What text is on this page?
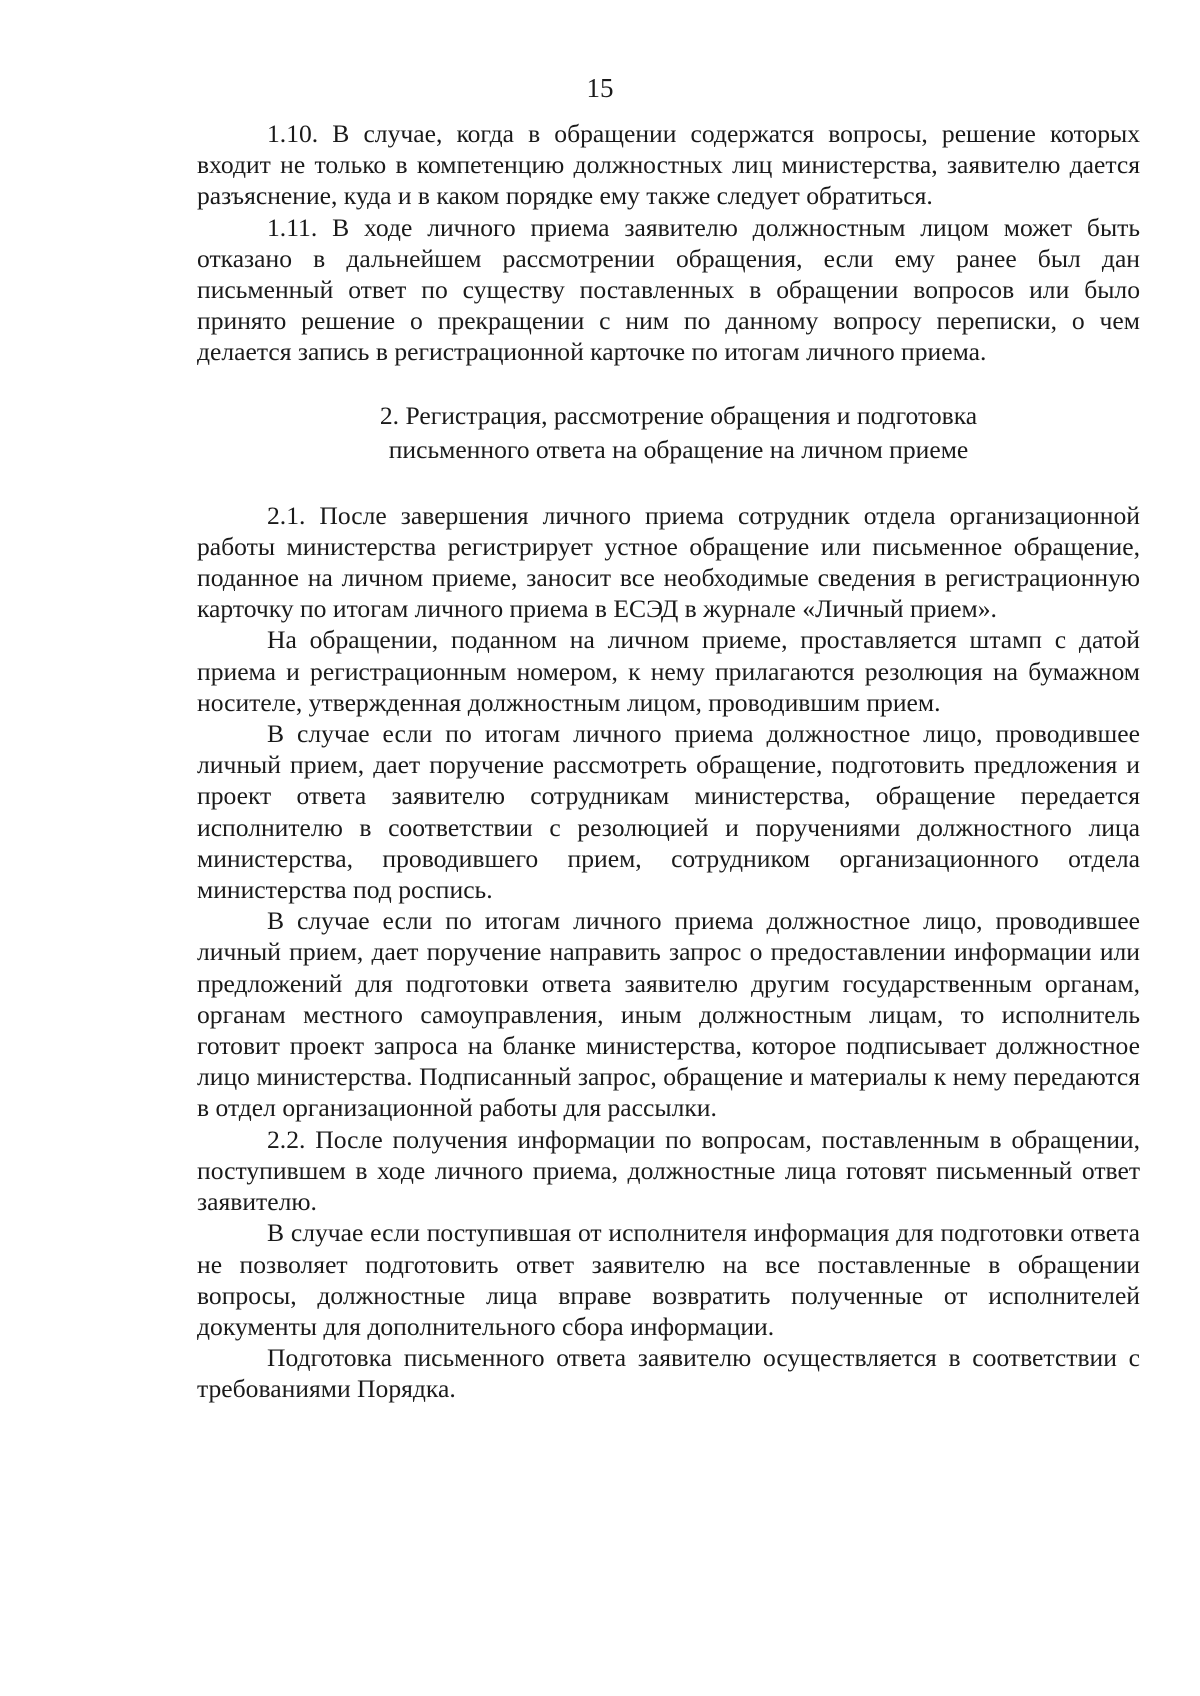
15

1.10. В случае, когда в обращении содержатся вопросы, решение которых входит не только в компетенцию должностных лиц министерства, заявителю дается разъяснение, куда и в каком порядке ему также следует обратиться.

1.11. В ходе личного приема заявителю должностным лицом может быть отказано в дальнейшем рассмотрении обращения, если ему ранее был дан письменный ответ по существу поставленных в обращении вопросов или было принято решение о прекращении с ним по данному вопросу переписки, о чем делается запись в регистрационной карточке по итогам личного приема.

2. Регистрация, рассмотрение обращения и подготовка
письменного ответа на обращение на личном приеме

2.1. После завершения личного приема сотрудник отдела организационной работы министерства регистрирует устное обращение или письменное обращение, поданное на личном приеме, заносит все необходимые сведения в регистрационную карточку по итогам личного приема в ЕСЭД в журнале «Личный прием».

На обращении, поданном на личном приеме, проставляется штамп с датой приема и регистрационным номером, к нему прилагаются резолюция на бумажном носителе, утвержденная должностным лицом, проводившим прием.

В случае если по итогам личного приема должностное лицо, проводившее личный прием, дает поручение рассмотреть обращение, подготовить предложения и проект ответа заявителю сотрудникам министерства, обращение передается исполнителю в соответствии с резолюцией и поручениями должностного лица министерства, проводившего прием, сотрудником организационного отдела министерства под роспись.

В случае если по итогам личного приема должностное лицо, проводившее личный прием, дает поручение направить запрос о предоставлении информации или предложений для подготовки ответа заявителю другим государственным органам, органам местного самоуправления, иным должностным лицам, то исполнитель готовит проект запроса на бланке министерства, которое подписывает должностное лицо министерства. Подписанный запрос, обращение и материалы к нему передаются в отдел организационной работы для рассылки.

2.2. После получения информации по вопросам, поставленным в обращении, поступившем в ходе личного приема, должностные лица готовят письменный ответ заявителю.

В случае если поступившая от исполнителя информация для подготовки ответа не позволяет подготовить ответ заявителю на все поставленные в обращении вопросы, должностные лица вправе возвратить полученные от исполнителей документы для дополнительного сбора информации.

Подготовка письменного ответа заявителю осуществляется в соответствии с требованиями Порядка.
